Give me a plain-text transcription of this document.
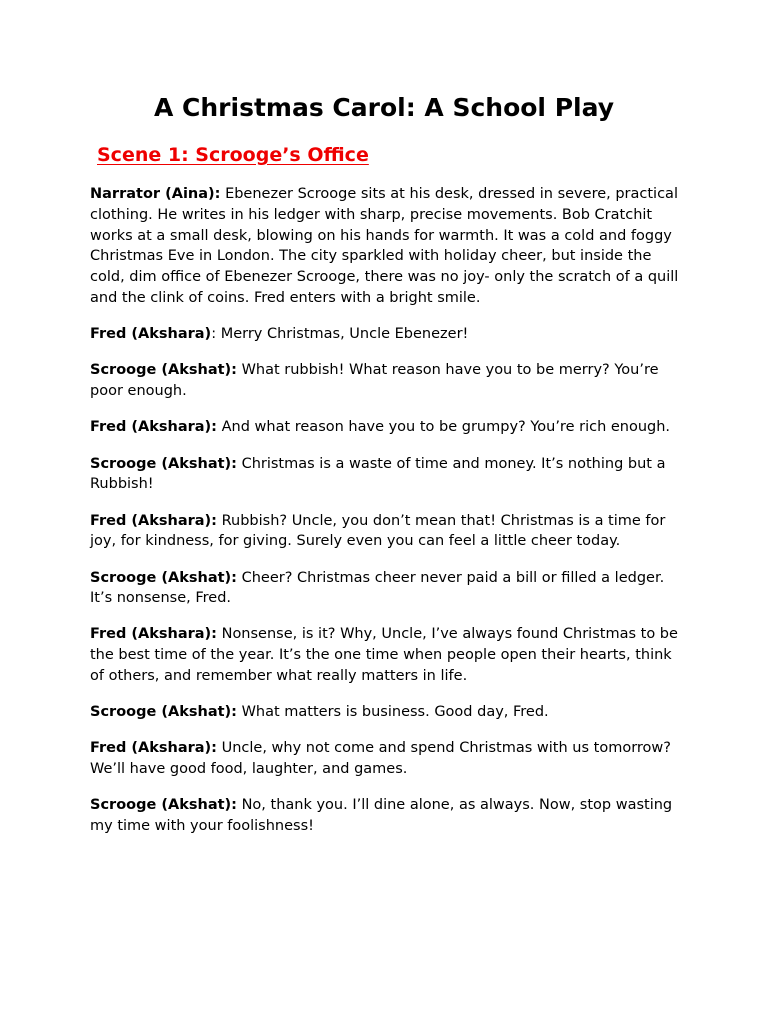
A Christmas Carol: A School Play
Scene 1: Scrooge’s Office

Narrator (Aina): Ebenezer Scrooge sits at his desk, dressed in severe, practical clothing. He writes in his ledger with sharp, precise movements. Bob Cratchit works at a small desk, blowing on his hands for warmth. It was a cold and foggy Christmas Eve in London. The city sparkled with holiday cheer, but inside the cold, dim office of Ebenezer Scrooge, there was no joy- only the scratch of a quill and the clink of coins. Fred enters with a bright smile.

Fred (Akshara): Merry Christmas, Uncle Ebenezer!

Scrooge (Akshat): What rubbish! What reason have you to be merry? You’re poor enough.

Fred (Akshara): And what reason have you to be grumpy? You’re rich enough.

Scrooge (Akshat): Christmas is a waste of time and money. It’s nothing but a Rubbish!

Fred (Akshara): Rubbish? Uncle, you don’t mean that! Christmas is a time for joy, for kindness, for giving. Surely even you can feel a little cheer today.

Scrooge (Akshat): Cheer? Christmas cheer never paid a bill or filled a ledger. It’s nonsense, Fred.

Fred (Akshara): Nonsense, is it? Why, Uncle, I’ve always found Christmas to be the best time of the year. It’s the one time when people open their hearts, think of others, and remember what really matters in life.

Scrooge (Akshat): What matters is business. Good day, Fred.

Fred (Akshara): Uncle, why not come and spend Christmas with us tomorrow? We’ll have good food, laughter, and games.

Scrooge (Akshat): No, thank you. I’ll dine alone, as always. Now, stop wasting my time with your foolishness!
